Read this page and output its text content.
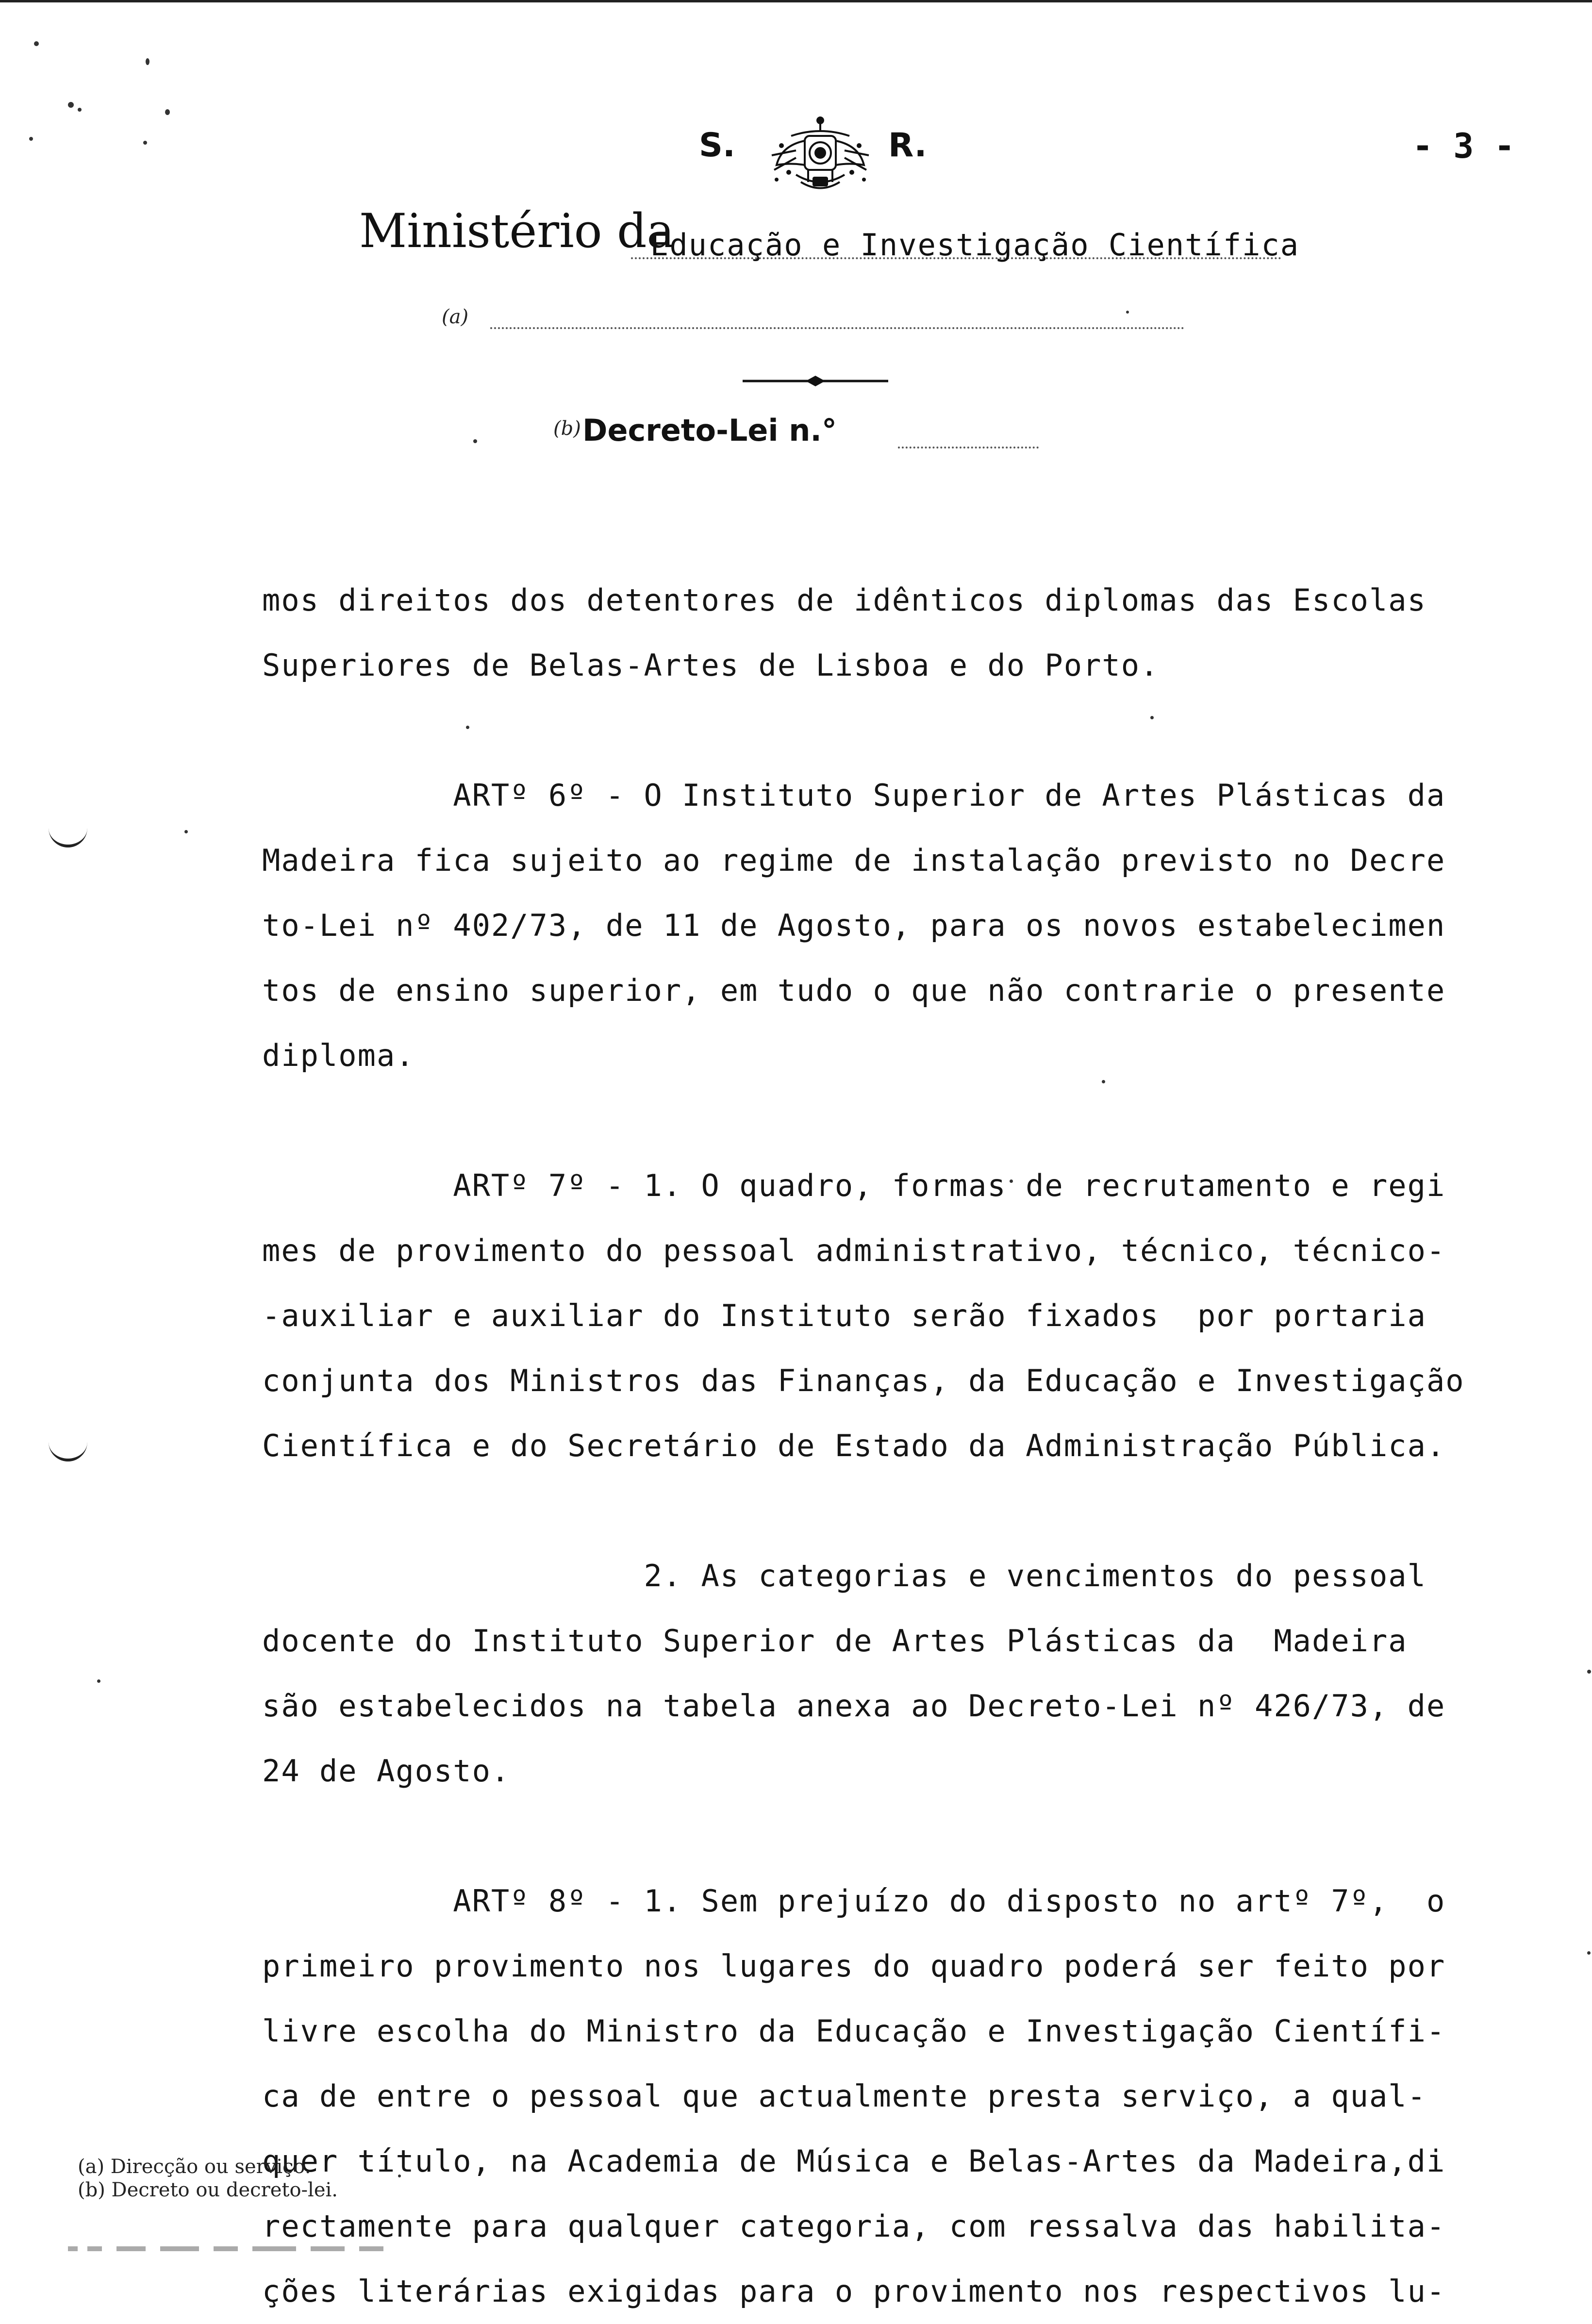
S.	R.	- 3 -
Ministério da
Educação e Investigação Científica
(a)
(b) Decreto-Lei n.°
mos direitos dos detentores de idênticos diplomas das Escolas
Superiores de Belas-Artes de Lisboa e do Porto.

ARTº 6º - O Instituto Superior de Artes Plásticas da
Madeira fica sujeito ao regime de instalação previsto no Decre
to-Lei nº 402/73, de 11 de Agosto, para os novos estabelecimen
tos de ensino superior, em tudo o que não contrarie o presente
diploma.

ARTº 7º - 1. O quadro, formas de recrutamento e regi
mes de provimento do pessoal administrativo, técnico, técnico-
-auxiliar e auxiliar do Instituto serão fixados  por portaria
conjunta dos Ministros das Finanças, da Educação e Investigação
Científica e do Secretário de Estado da Administração Pública.

2. As categorias e vencimentos do pessoal
docente do Instituto Superior de Artes Plásticas da  Madeira
são estabelecidos na tabela anexa ao Decreto-Lei nº 426/73, de
24 de Agosto.

ARTº 8º - 1. Sem prejuízo do disposto no artº 7º,  o
primeiro provimento nos lugares do quadro poderá ser feito por
livre escolha do Ministro da Educação e Investigação Científi-
ca de entre o pessoal que actualmente presta serviço, a qual-
quer título, na Academia de Música e Belas-Artes da Madeira,di
rectamente para qualquer categoria, com ressalva das habilita-
ções literárias exigidas para o provimento nos respectivos lu-
(a) Direcção ou serviço.
(b) Decreto ou decreto-lei.
